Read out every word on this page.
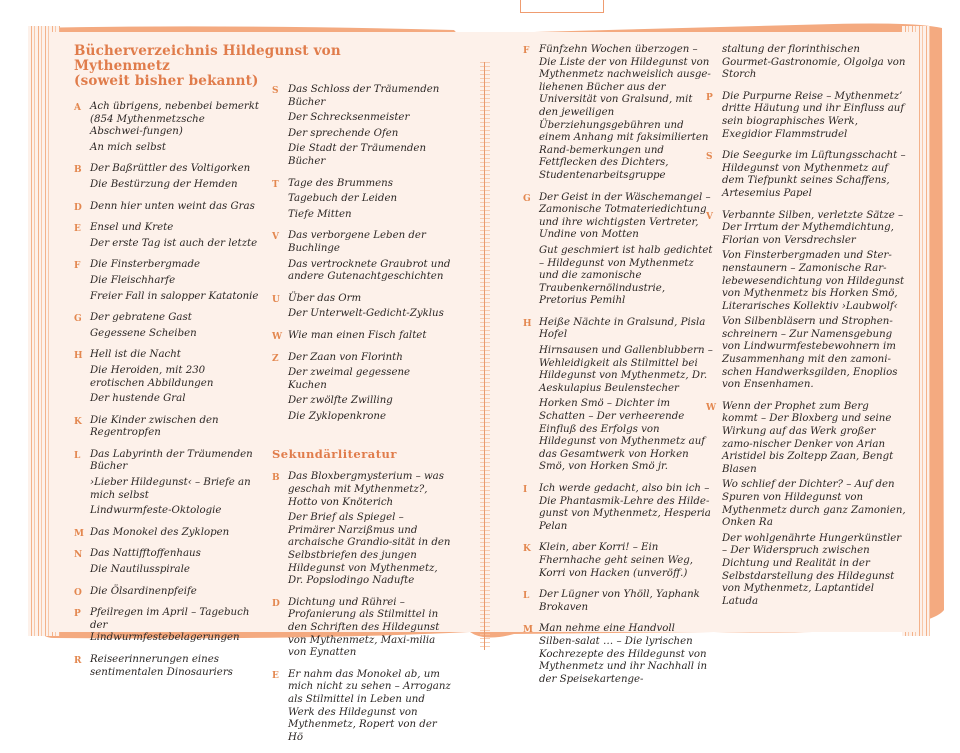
Bücherverzeichnis Hildegunst von Mythenmetz
(soweit bisher bekannt)
A Ach übrigens, nebenbei bemerkt (854 Mythenmetzsche Abschwei-fungen)
An mich selbst
B Der Baßrüttler des Voltigorken
Die Bestürzung der Hemden
D Denn hier unten weint das Gras
E Ensel und Krete
Der erste Tag ist auch der letzte
F Die Finsterbergmade
Die Fleischharfe
Freier Fall in salopper Katatonie
G Der gebratene Gast
Gegessene Scheiben
H Hell ist die Nacht
Die Heroiden, mit 230 erotischen Abbildungen
Der hustende Gral
K Die Kinder zwischen den Regentropfen
L Das Labyrinth der Träumenden Bücher
›Lieber Hildegunst‹ – Briefe an mich selbst
Lindwurmfeste-Oktologie
M Das Monokel des Zyklopen
N Das Nattifftoffenhaus
Die Nautilusspirale
O Die Ölsardinenpfeife
P Pfeilregen im April – Tagebuch der Lindwurmfestebelagerungen
R Reiseerinnerungen eines sentimentalen Dinosauriers
S Das Schloss der Träumenden Bücher
Der Schrecksenmeister
Der sprechende Ofen
Die Stadt der Träumenden Bücher
T Tage des Brummens
Tagebuch der Leiden
Tiefe Mitten
V Das verborgene Leben der Buchlinge
Das vertrocknete Graubrot und andere Gutenachtgeschichten
U Über das Orm
Der Unterwelt-Gedicht-Zyklus
W Wie man einen Fisch faltet
Z Der Zaan von Florinth
Der zweimal gegessene Kuchen
Der zwölfte Zwilling
Die Zyklopenkrone
Sekundärliteratur
B Das Bloxbergmysterium – was geschah mit Mythenmetz?, Hotto von Knöterich
Der Brief als Spiegel – Primärer Narzißmus und archaische Grandio-sität in den Selbstbriefen des jungen Hildegunst von Mythenmetz, Dr. Popslodingo Nadufte
D Dichtung und Rührei – Profanierung als Stilmittel in den Schriften des Hildegunst von Mythenmetz, Maxi-milia von Eynatten
E Er nahm das Monokel ab, um mich nicht zu sehen – Arroganz als Stilmittel in Leben und Werk des Hildegunst von Mythenmetz, Ropert von der Hö
F Fünfzehn Wochen überzogen – Die Liste der von Hildegunst von Mythenmetz nachweislich ausge-liehenen Bücher aus der Universität von Gralsund, mit den jeweiligen Überziehungsgebühren und einem Anhang mit faksimilierten Rand-bemerkungen und Fettflecken des Dichters, Studentenarbeitsgruppe
G Der Geist in der Wäschemangel – Zamonische Totmateriedichtung und ihre wichtigsten Vertreter, Undine von Motten
Gut geschmiert ist halb gedichtet – Hildegunst von Mythenmetz und die zamonische Traubenkernölindustrie, Pretorius Pemihl
H Heiße Nächte in Gralsund, Pisla Hofel
Hirnsausen und Gallenblubbern – Wehleidigkeit als Stilmittel bei Hildegunst von Mythenmetz, Dr. Aeskulapius Beulenstecher
Horken Smö – Dichter im Schatten – Der verheerende Einfluß des Erfolgs von Hildegunst von Mythenmetz auf das Gesamtwerk von Horken Smö, von Horken Smö jr.
I	Ich werde gedacht, also bin ich – Die Phantasmik-Lehre des Hilde-gunst von Mythenmetz, Hesperia Pelan
K Klein, aber Korri! – Ein Fhernhache geht seinen Weg, Korri von Hacken (unveröff.)
L Der Lügner von Yhöll, Yaphank Brokaven
M Man nehme eine Handvoll Silben-salat … – Die lyrischen Kochrezepte des Hildegunst von Mythenmetz und ihr Nachhall in der Speisekartenge-
staltung der florinthischen Gourmet-Gastronomie, Olgolga von Storch
P Die Purpurne Reise – Mythenmetz’ dritte Häutung und ihr Einfluss auf sein biographisches Werk, Exegidior Flammstrudel
S Die Seegurke im Lüftungsschacht – Hildegunst von Mythenmetz auf dem Tiefpunkt seines Schaffens, Artesemius Papel
V Verbannte Silben, verletzte Sätze – Der Irrtum der Mythemdichtung, Florian von Versdrechsler
Von Finsterbergmaden und Ster-nenstaunern – Zamonische Rar-lebewesendichtung von Hildegunst von Mythenmetz bis Horken Smö, Literarisches Kollektiv ›Laubwolf‹
Von Silbenbläsern und Strophen-schreinern – Zur Namensgebung von Lindwurmfestebewohnern im Zusammenhang mit den zamoni-schen Handwerksgilden, Enoplios von Ensenhamen.
W Wenn der Prophet zum Berg kommt – Der Bloxberg und seine Wirkung auf das Werk großer zamo-nischer Denker von Arian Aristidel bis Zoltepp Zaan, Bengt Blasen
Wo schlief der Dichter? – Auf den Spuren von Hildegunst von Mythenmetz durch ganz Zamonien, Onken Ra
Der wohlgenährte Hungerkünstler – Der Widerspruch zwischen Dichtung und Realität in der Selbstdarstellung des Hildegunst von Mythenmetz, Laptantidel Latuda
